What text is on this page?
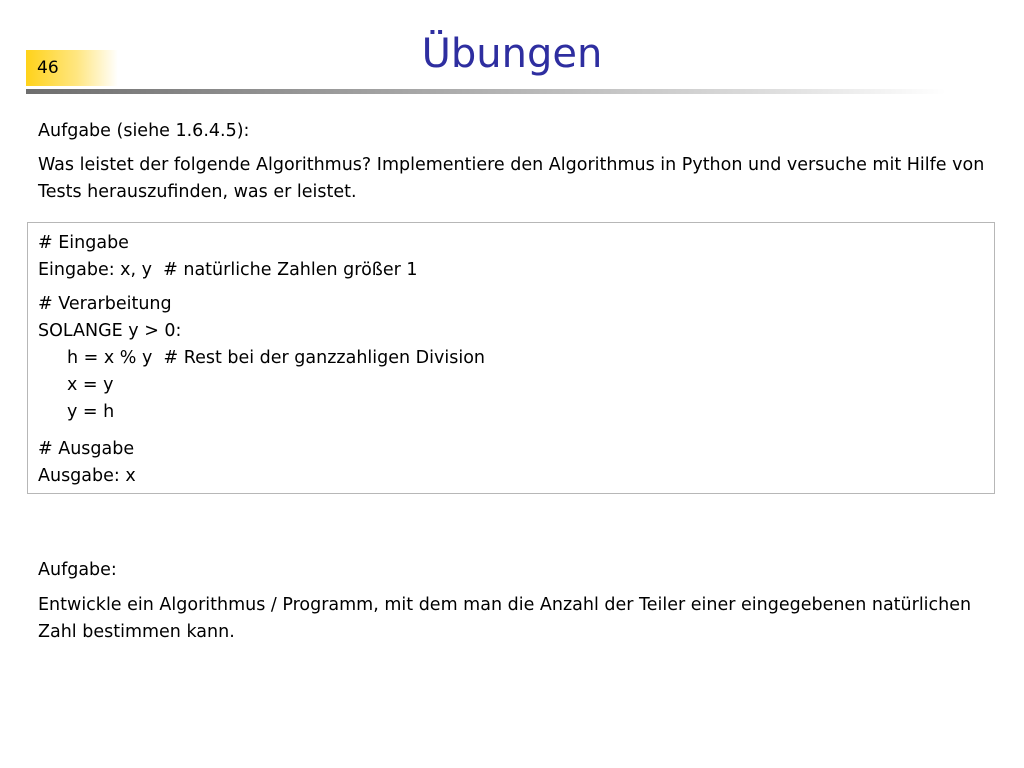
46	Übungen

Aufgabe (siehe 1.6.4.5):

Was leistet der folgende Algorithmus? Implementiere den Algorithmus in Python und versuche mit Hilfe von Tests herauszufinden, was er leistet.

# Eingabe
Eingabe: x, y  # natürliche Zahlen größer 1
# Verarbeitung
SOLANGE y > 0:
h = x % y  # Rest bei der ganzzahligen Division
x = y
y = h
# Ausgabe
Ausgabe: x

Aufgabe:

Entwickle ein Algorithmus / Programm, mit dem man die Anzahl der Teiler einer eingegebenen natürlichen Zahl bestimmen kann.
